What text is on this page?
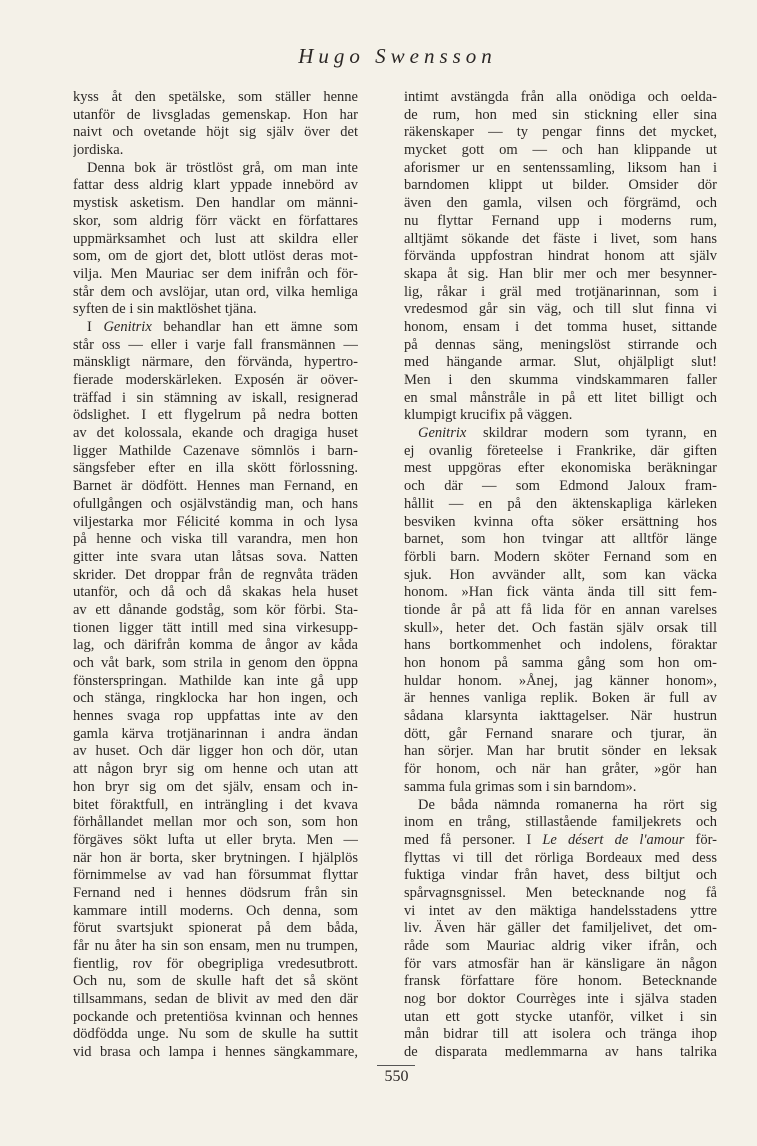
Hugo Swensson
kyss åt den spetälske, som ställer henne
utanför de livsgladas gemenskap. Hon har
naivt och ovetande höjt sig själv över det
jordiska.
Denna bok är tröstlöst grå, om man inte
fattar dess aldrig klart yppade innebörd av
mystisk asketism. Den handlar om männi-
skor, som aldrig förr väckt en författares
uppmärksamhet och lust att skildra eller
som, om de gjort det, blott utlöst deras mot-
vilja. Men Mauriac ser dem inifrån och för-
står dem och avslöjar, utan ord, vilka hemliga
syften de i sin maktlöshet tjäna.
I Genitrix behandlar han ett ämne som
står oss — eller i varje fall fransmännen —
mänskligt närmare, den förvända, hypertro-
fierade moderskärleken. Exposén är oöver-
träffad i sin stämning av iskall, resignerad
ödslighet. I ett flygelrum på nedra botten
av det kolossala, ekande och dragiga huset
ligger Mathilde Cazenave sömnlös i barn-
sängsfeber efter en illa skött förlossning.
Barnet är dödfött. Hennes man Fernand, en
ofullgången och osjälvständig man, och hans
viljestarka mor Félicité komma in och lysa
på henne och viska till varandra, men hon
gitter inte svara utan låtsas sova. Natten
skrider. Det droppar från de regnvåta träden
utanför, och då och då skakas hela huset
av ett dånande godståg, som kör förbi. Sta-
tionen ligger tätt intill med sina virkesupp-
lag, och därifrån komma de ångor av kåda
och våt bark, som strila in genom den öppna
fönsterspringan. Mathilde kan inte gå upp
och stänga, ringklocka har hon ingen, och
hennes svaga rop uppfattas inte av den
gamla kärva trotjänarinnan i andra ändan
av huset. Och där ligger hon och dör, utan
att någon bryr sig om henne och utan att
hon bryr sig om det själv, ensam och in-
bitet föraktfull, en inträngling i det kvava
förhållandet mellan mor och son, som hon
förgäves sökt lufta ut eller bryta. Men —
när hon är borta, sker brytningen. I hjälplös
förnimmelse av vad han försummat flyttar
Fernand ned i hennes dödsrum från sin
kammare intill moderns. Och denna, som
förut svartsjukt spionerat på dem båda,
får nu åter ha sin son ensam, men nu trumpen,
fientlig, rov för obegripliga vredesutbrott.
Och nu, som de skulle haft det så skönt
tillsammans, sedan de blivit av med den där
pockande och pretentiösa kvinnan och hennes
dödfödda unge. Nu som de skulle ha suttit
vid brasa och lampa i hennes sängkammare,
intimt avstängda från alla onödiga och oelda-
de rum, hon med sin stickning eller sina
räkenskaper — ty pengar finns det mycket,
mycket gott om — och han klippande ut
aforismer ur en sentenssamling, liksom han i
barndomen klippt ut bilder. Omsider dör
även den gamla, vilsen och förgrämd, och
nu flyttar Fernand upp i moderns rum,
alltjämt sökande det fäste i livet, som hans
förvända uppfostran hindrat honom att själv
skapa åt sig. Han blir mer och mer besynner-
lig, råkar i gräl med trotjänarinnan, som i
vredesmod går sin väg, och till slut finna vi
honom, ensam i det tomma huset, sittande
på dennas säng, meningslöst stirrande och
med hängande armar. Slut, ohjälpligt slut!
Men i den skumma vindskammaren faller
en smal månstråle in på ett litet billigt och
klumpigt krucifix på väggen.
Genitrix skildrar modern som tyrann, en
ej ovanlig företeelse i Frankrike, där giften
mest uppgöras efter ekonomiska beräkningar
och där — som Edmond Jaloux fram-
hållit — en på den äktenskapliga kärleken
besviken kvinna ofta söker ersättning hos
barnet, som hon tvingar att alltför länge
förbli barn. Modern sköter Fernand som en
sjuk. Hon avvänder allt, som kan väcka
honom. »Han fick vänta ända till sitt fem-
tionde år på att få lida för en annan varelses
skull», heter det. Och fastän själv orsak till
hans bortkommenhet och indolens, föraktar
hon honom på samma gång som hon om-
huldar honom. »Ånej, jag känner honom»,
är hennes vanliga replik. Boken är full av
sådana klarsynta iakttagelser. När hustrun
dött, går Fernand snarare och tjurar, än
han sörjer. Man har brutit sönder en leksak
för honom, och när han gråter, »gör han
samma fula grimas som i sin barndom».
De båda nämnda romanerna ha rört sig
inom en trång, stillastående familjekrets och
med få personer. I Le désert de l'amour för-
flyttas vi till det rörliga Bordeaux med dess
fuktiga vindar från havet, dess biltjut och
spårvagnsgnissel. Men betecknande nog få
vi intet av den mäktiga handelsstadens yttre
liv. Även här gäller det familjelivet, det om-
råde som Mauriac aldrig viker ifrån, och
för vars atmosfär han är känsligare än någon
fransk författare före honom. Betecknande
nog bor doktor Courrèges inte i själva staden
utan ett gott stycke utanför, vilket i sin
mån bidrar till att isolera och tränga ihop
de disparata medlemmarna av hans talrika
550
